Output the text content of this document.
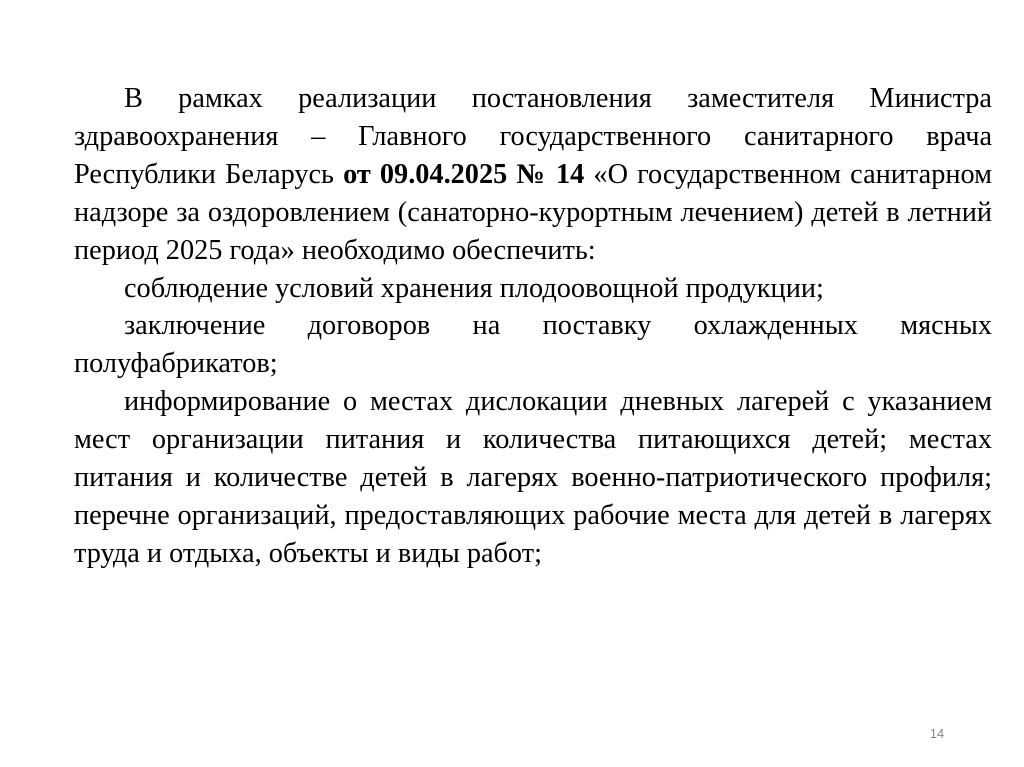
В рамках реализации постановления заместителя Министра здравоохранения – Главного государственного санитарного врача Республики Беларусь от 09.04.2025 № 14 «О государственном санитарном надзоре за оздоровлением (санаторно-курортным лечением) детей в летний период 2025 года» необходимо обеспечить:

соблюдение условий хранения плодоовощной продукции;

заключение договоров на поставку охлажденных мясных полуфабрикатов;

информирование о местах дислокации дневных лагерей с указанием мест организации питания и количества питающихся детей; местах питания и количестве детей в лагерях военно-патриотического профиля; перечне организаций, предоставляющих рабочие места для детей в лагерях труда и отдыха, объекты и виды работ;

14
